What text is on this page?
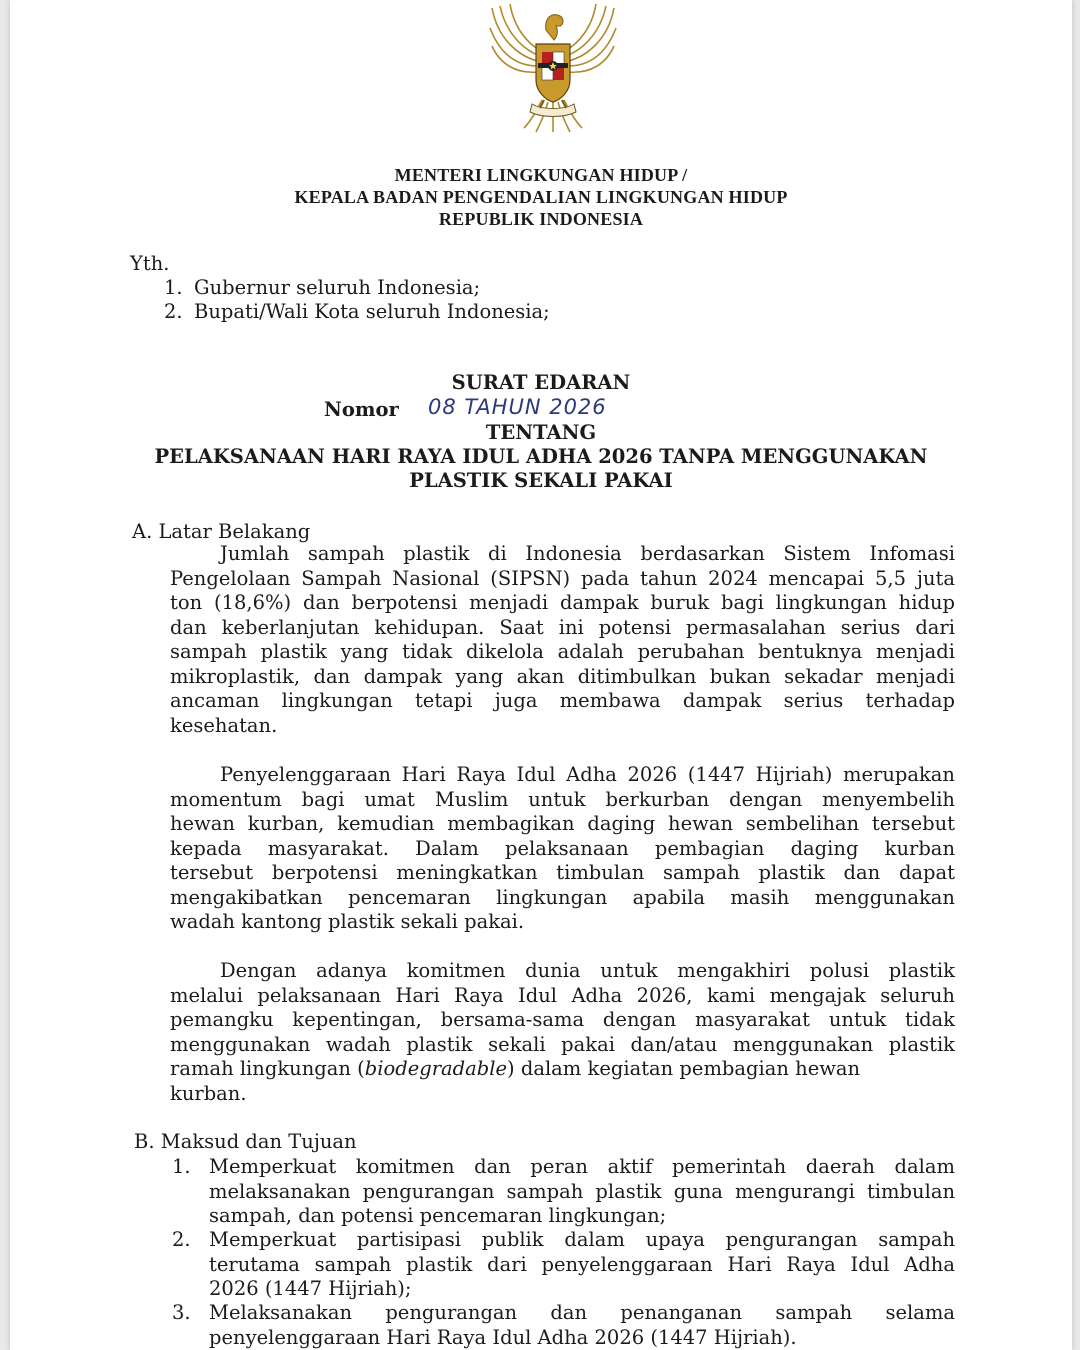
MENTERI LINGKUNGAN HIDUP /
KEPALA BADAN PENGENDALIAN LINGKUNGAN HIDUP
REPUBLIK INDONESIA
Yth.
1. Gubernur seluruh Indonesia;
2. Bupati/Wali Kota seluruh Indonesia;
SURAT EDARAN
Nomor 08 TAHUN 2026
TENTANG
PELAKSANAAN HARI RAYA IDUL ADHA 2026 TANPA MENGGUNAKAN
PLASTIK SEKALI PAKAI
A. Latar Belakang
Jumlah sampah plastik di Indonesia berdasarkan Sistem Infomasi
Pengelolaan Sampah Nasional (SIPSN) pada tahun 2024 mencapai 5,5 juta
ton (18,6%) dan berpotensi menjadi dampak buruk bagi lingkungan hidup
dan keberlanjutan kehidupan. Saat ini potensi permasalahan serius dari
sampah plastik yang tidak dikelola adalah perubahan bentuknya menjadi
mikroplastik, dan dampak yang akan ditimbulkan bukan sekadar menjadi
ancaman lingkungan tetapi juga membawa dampak serius terhadap
kesehatan.
Penyelenggaraan Hari Raya Idul Adha 2026 (1447 Hijriah) merupakan
momentum bagi umat Muslim untuk berkurban dengan menyembelih
hewan kurban, kemudian membagikan daging hewan sembelihan tersebut
kepada masyarakat. Dalam pelaksanaan pembagian daging kurban
tersebut berpotensi meningkatkan timbulan sampah plastik dan dapat
mengakibatkan pencemaran lingkungan apabila masih menggunakan
wadah kantong plastik sekali pakai.
Dengan adanya komitmen dunia untuk mengakhiri polusi plastik
melalui pelaksanaan Hari Raya Idul Adha 2026, kami mengajak seluruh
pemangku kepentingan, bersama-sama dengan masyarakat untuk tidak
menggunakan wadah plastik sekali pakai dan/atau menggunakan plastik
ramah lingkungan (biodegradable) dalam kegiatan pembagian hewan
kurban.
B. Maksud dan Tujuan
1. Memperkuat komitmen dan peran aktif pemerintah daerah dalam
melaksanakan pengurangan sampah plastik guna mengurangi timbulan
sampah, dan potensi pencemaran lingkungan;
2. Memperkuat partisipasi publik dalam upaya pengurangan sampah
terutama sampah plastik dari penyelenggaraan Hari Raya Idul Adha
2026 (1447 Hijriah);
3. Melaksanakan pengurangan dan penanganan sampah selama
penyelenggaraan Hari Raya Idul Adha 2026 (1447 Hijriah).
